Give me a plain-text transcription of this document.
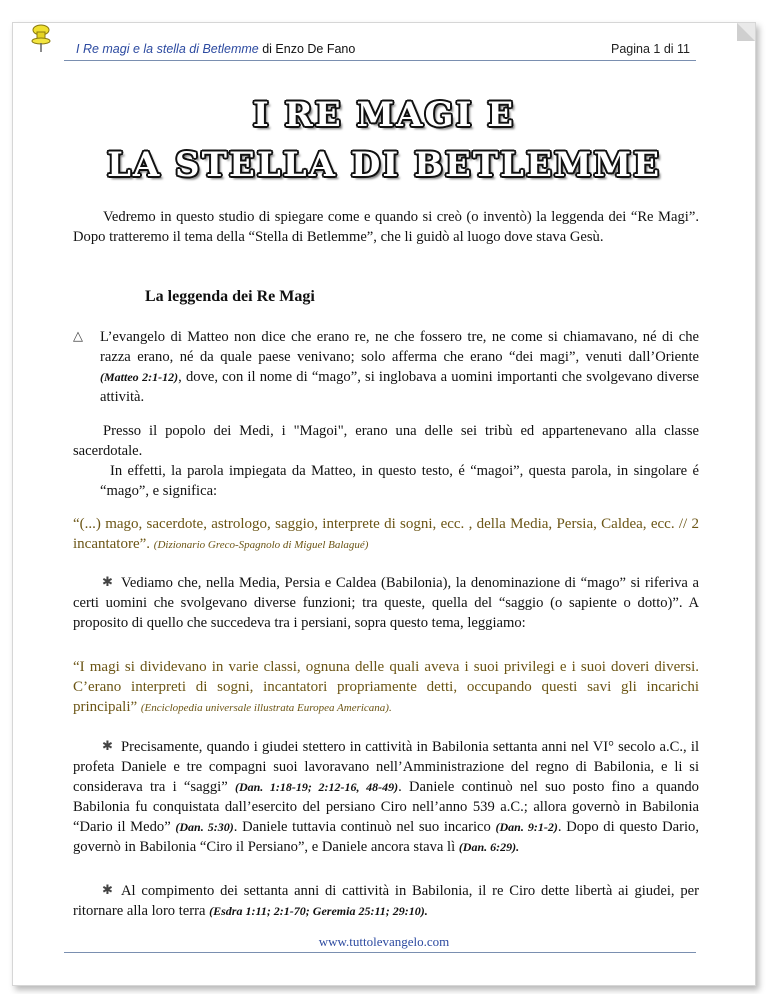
I Re magi e la stella di Betlemme di Enzo De Fano	Pagina 1 di 11
I RE MAGI E
LA STELLA DI BETLEMME
Vedremo in questo studio di spiegare come e quando si creò (o inventò) la leggenda dei “Re Magi”. Dopo tratteremo il tema della “Stella di Betlemme”, che li guidò al luogo dove stava Gesù.
La leggenda dei Re Magi
△ L’evangelo di Matteo non dice che erano re, ne che fossero tre, ne come si chiamavano, né di che razza erano, né da quale paese venivano; solo afferma che erano “dei magi”, venuti dall’Oriente (Matteo 2:1-12), dove, con il nome di “mago”, si inglobava a uomini importanti che svolgevano diverse attività.
Presso il popolo dei Medi, i "Magoi", erano una delle sei tribù ed appartenevano alla classe sacerdotale.
In effetti, la parola impiegata da Matteo, in questo testo, é “magoi”, questa parola, in singolare é “mago”, e significa:
“(...) mago, sacerdote, astrologo, saggio, interprete di sogni, ecc. , della Media, Persia, Caldea, ecc. // 2 incantatore”. (Dizionario Greco-Spagnolo di Miguel Balagué)
✱ Vediamo che, nella Media, Persia e Caldea (Babilonia), la denominazione di “mago” si riferiva a certi uomini che svolgevano diverse funzioni; tra queste, quella del “saggio (o sapiente o dotto)”. A proposito di quello che succedeva tra i persiani, sopra questo tema, leggiamo:
“I magi si dividevano in varie classi, ognuna delle quali aveva i suoi privilegi e i suoi doveri diversi. C’erano interpreti di sogni, incantatori propriamente detti, occupando questi savi gli incarichi principali” (Enciclopedia universale illustrata Europea Americana).
✱ Precisamente, quando i giudei stettero in cattività in Babilonia settanta anni nel VI° secolo a.C., il profeta Daniele e tre compagni suoi lavoravano nell’Amministrazione del regno di Babilonia, e li si considerava tra i “saggi” (Dan. 1:18-19; 2:12-16, 48-49). Daniele continuò nel suo posto fino a quando Babilonia fu conquistata dall’esercito del persiano Ciro nell’anno 539 a.C.; allora governò in Babilonia “Dario il Medo” (Dan. 5:30). Daniele tuttavia continuò nel suo incarico (Dan. 9:1-2). Dopo di questo Dario, governò in Babilonia “Ciro il Persiano”, e Daniele ancora stava lì (Dan. 6:29).
✱ Al compimento dei settanta anni di cattività in Babilonia, il re Ciro dette libertà ai giudei, per ritornare alla loro terra (Esdra 1:11; 2:1-70; Geremia 25:11; 29:10).
www.tuttolevangelo.com
